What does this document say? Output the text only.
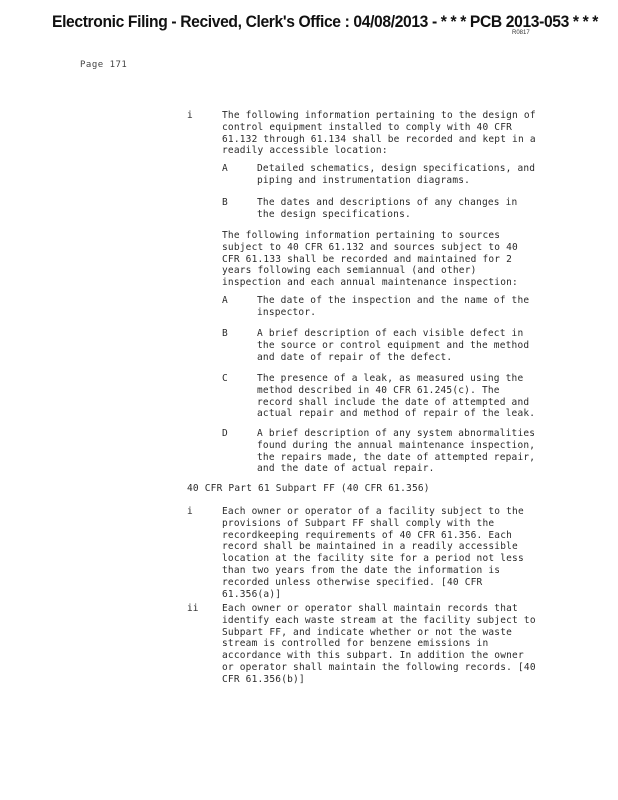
Electronic Filing - Recived, Clerk's Office : 04/08/2013 - * * * PCB 2013-053 * * *
R0817
Page 171
i	The following information pertaining to the design of control equipment installed to comply with 40 CFR 61.132 through 61.134 shall be recorded and kept in a readily accessible location:
A	Detailed schematics, design specifications, and piping and instrumentation diagrams.
B	The dates and descriptions of any changes in the design specifications.
The following information pertaining to sources subject to 40 CFR 61.132 and sources subject to 40 CFR 61.133 shall be recorded and maintained for 2 years following each semiannual (and other) inspection and each annual maintenance inspection:
A	The date of the inspection and the name of the inspector.
B	A brief description of each visible defect in the source or control equipment and the method and date of repair of the defect.
C	The presence of a leak, as measured using the method described in 40 CFR 61.245(c). The record shall include the date of attempted and actual repair and method of repair of the leak.
D	A brief description of any system abnormalities found during the annual maintenance inspection, the repairs made, the date of attempted repair, and the date of actual repair.
40 CFR Part 61 Subpart FF (40 CFR 61.356)
i	Each owner or operator of a facility subject to the provisions of Subpart FF shall comply with the recordkeeping requirements of 40 CFR 61.356. Each record shall be maintained in a readily accessible location at the facility site for a period not less than two years from the date the information is recorded unless otherwise specified. [40 CFR 61.356(a)]
ii Each owner or operator shall maintain records that identify each waste stream at the facility subject to Subpart FF, and indicate whether or not the waste stream is controlled for benzene emissions in accordance with this subpart. In addition the owner or operator shall maintain the following records. [40 CFR 61.356(b)]
